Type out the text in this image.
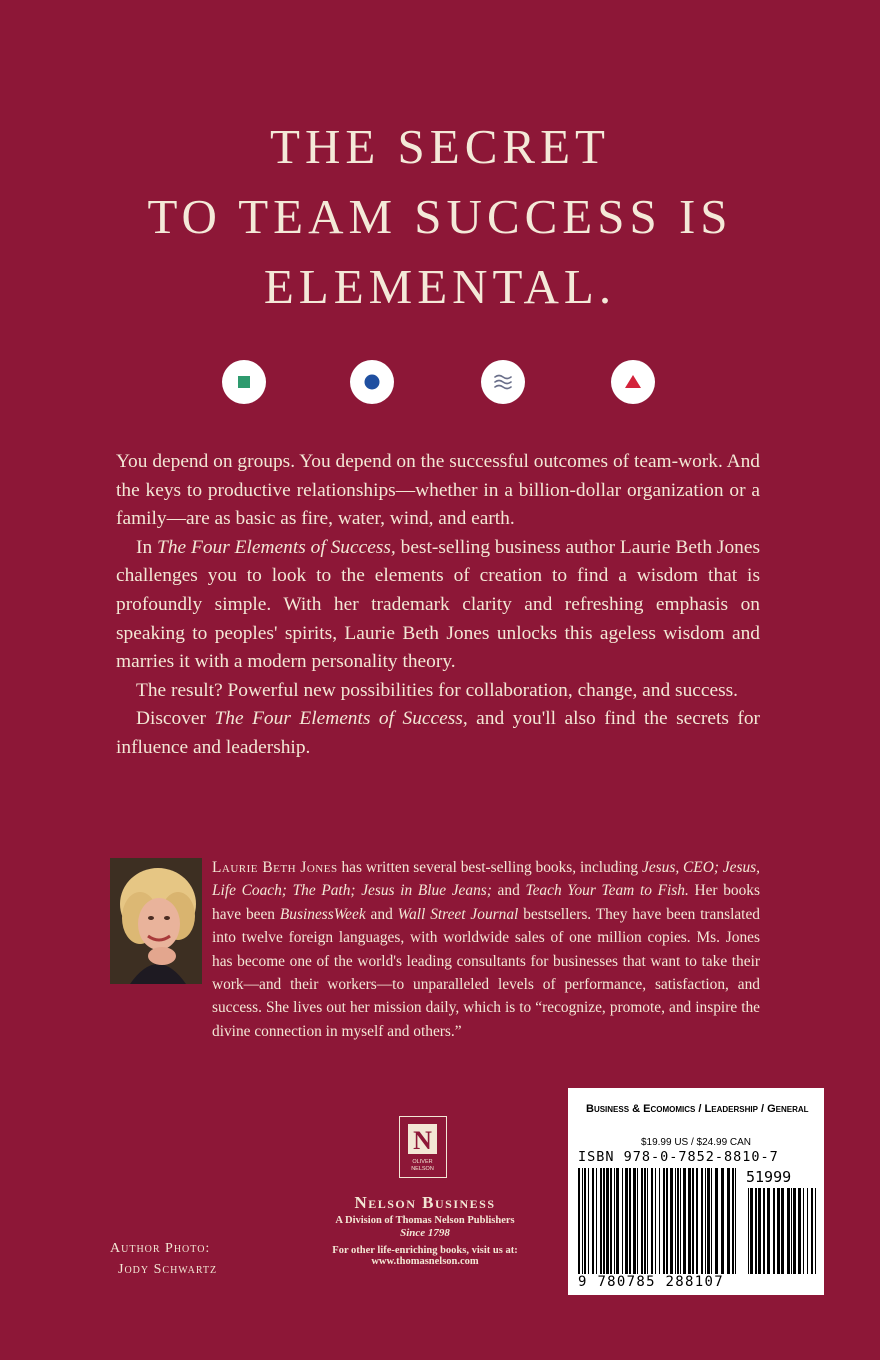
THE SECRET
TO TEAM SUCCESS IS
ELEMENTAL.

You depend on groups. You depend on the successful outcomes of team-work. And the keys to productive relationships—whether in a billion-dollar organization or a family—are as basic as fire, water, wind, and earth.

In The Four Elements of Success, best-selling business author Laurie Beth Jones challenges you to look to the elements of creation to find a wisdom that is profoundly simple. With her trademark clarity and refreshing emphasis on speaking to peoples' spirits, Laurie Beth Jones unlocks this ageless wisdom and marries it with a modern personality theory.

The result? Powerful new possibilities for collaboration, change, and success.

Discover The Four Elements of Success, and you'll also find the secrets for influence and leadership.

Laurie Beth Jones has written several best-selling books, including Jesus, CEO; Jesus, Life Coach; The Path; Jesus in Blue Jeans; and Teach Your Team to Fish. Her books have been BusinessWeek and Wall Street Journal bestsellers. They have been translated into twelve foreign languages, with worldwide sales of one million copies. Ms. Jones has become one of the world's leading consultants for businesses that want to take their work—and their workers—to unparalleled levels of performance, satisfaction, and success. She lives out her mission daily, which is to “recognize, promote, and inspire the divine connection in myself and others.”
N
OLIVER
NELSON
Nelson Business
A Division of Thomas Nelson Publishers
Since 1798
For other life-enriching books, visit us at:
www.thomasnelson.com
Author Photo:
Jody Schwartz
Business & Ecomomics / Leadership / General
$19.99 US / $24.99 CAN
ISBN 978-0-7852-8810-7
51999
9 780785 288107
